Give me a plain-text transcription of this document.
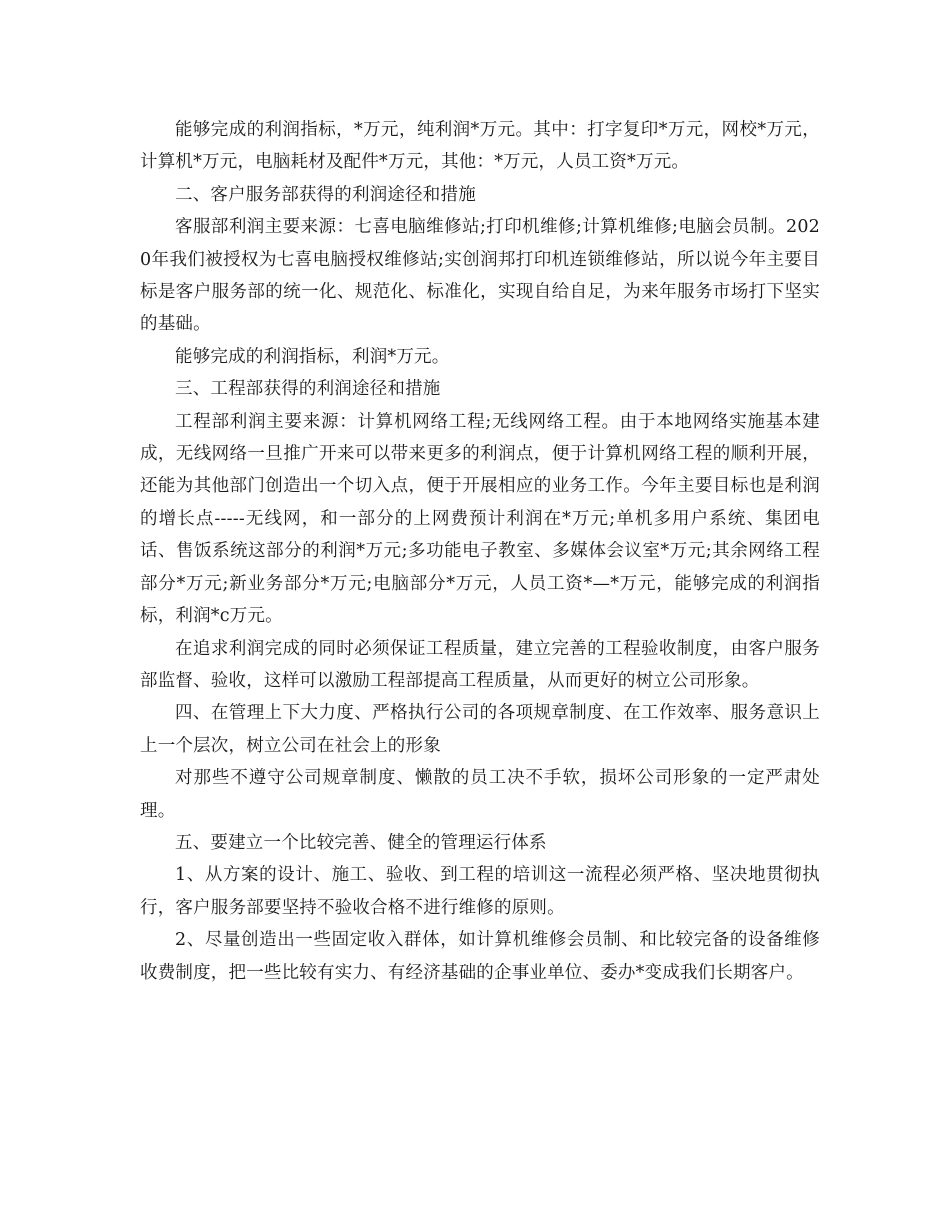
能够完成的利润指标，*万元，纯利润*万元。其中：打字复印*万元，网校*万元，计算机*万元，电脑耗材及配件*万元，其他：*万元，人员工资*万元。

二、客户服务部获得的利润途径和措施

客服部利润主要来源：七喜电脑维修站;打印机维修;计算机维修;电脑会员制。2020年我们被授权为七喜电脑授权维修站;实创润邦打印机连锁维修站，所以说今年主要目标是客户服务部的统一化、规范化、标准化，实现自给自足，为来年服务市场打下坚实的基础。

能够完成的利润指标，利润*万元。

三、工程部获得的利润途径和措施

工程部利润主要来源：计算机网络工程;无线网络工程。由于本地网络实施基本建成，无线网络一旦推广开来可以带来更多的利润点，便于计算机网络工程的顺利开展，还能为其他部门创造出一个切入点，便于开展相应的业务工作。今年主要目标也是利润的增长点-----无线网，和一部分的上网费预计利润在*万元;单机多用户系统、集团电话、售饭系统这部分的利润*万元;多功能电子教室、多媒体会议室*万元;其余网络工程部分*万元;新业务部分*万元;电脑部分*万元，人员工资*—*万元，能够完成的利润指标，利润*c万元。

在追求利润完成的同时必须保证工程质量，建立完善的工程验收制度，由客户服务部监督、验收，这样可以激励工程部提高工程质量，从而更好的树立公司形象。

四、在管理上下大力度、严格执行公司的各项规章制度、在工作效率、服务意识上上一个层次，树立公司在社会上的形象

对那些不遵守公司规章制度、懒散的员工决不手软，损坏公司形象的一定严肃处理。

五、要建立一个比较完善、健全的管理运行体系

1、从方案的设计、施工、验收、到工程的培训这一流程必须严格、坚决地贯彻执行，客户服务部要坚持不验收合格不进行维修的原则。

2、尽量创造出一些固定收入群体，如计算机维修会员制、和比较完备的设备维修收费制度，把一些比较有实力、有经济基础的企事业单位、委办*变成我们长期客户。
